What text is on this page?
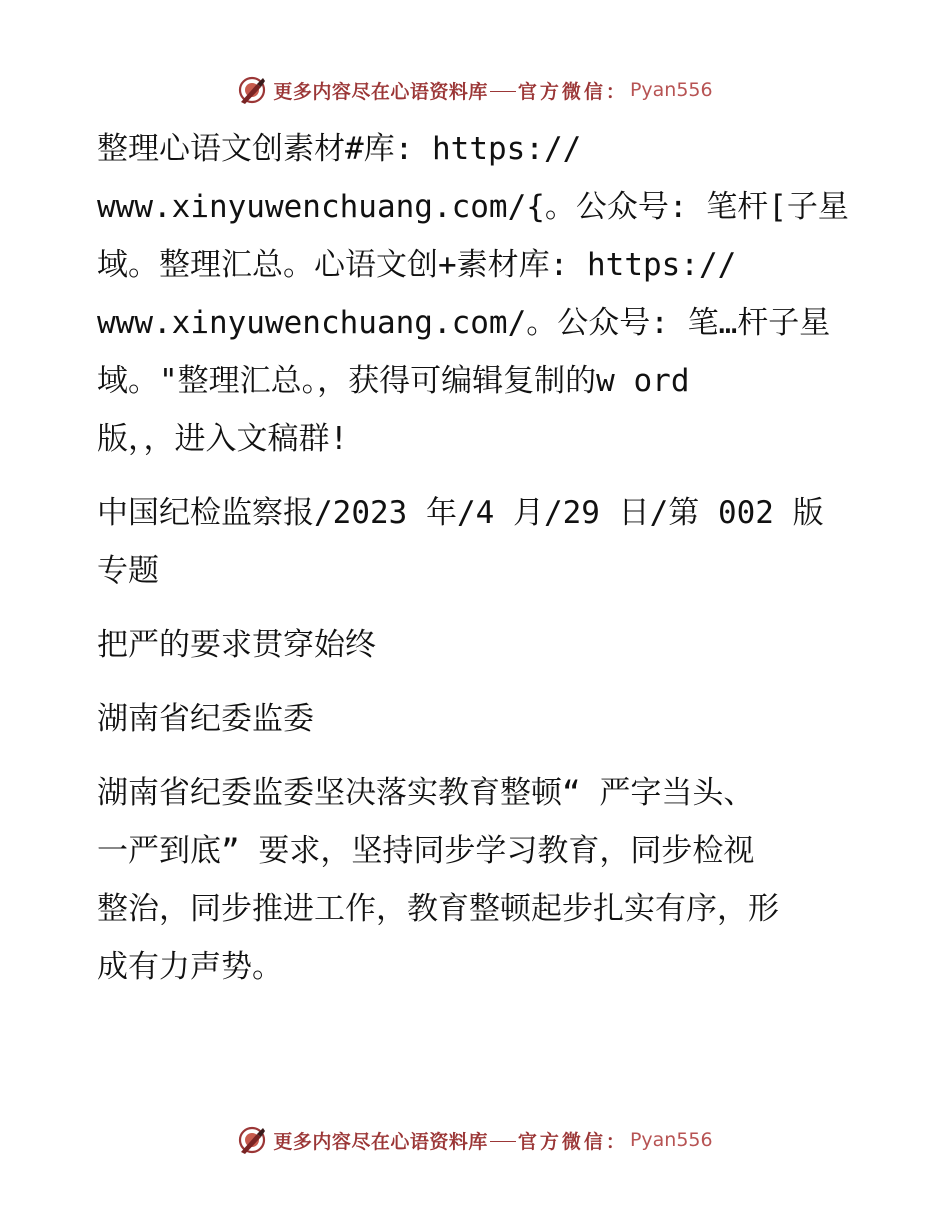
更多内容尽在心语资料库 官方微信： Pyan556

整理心语文创素材#库: https://
www.xinyuwenchuang.com/{。公众号: 笔杆[子星
域。整理汇总。心语文创+素材库: https://
www.xinyuwenchuang.com/。公众号: 笔…杆子星
域。"整理汇总。，获得可编辑复制的w ord
版，，进入文稿群!

中国纪检监察报/2023 年/4 月/29 日/第 002 版
专题

把严的要求贯穿始终

湖南省纪委监委

湖南省纪委监委坚决落实教育整顿“ 严字当头、
一严到底” 要求，坚持同步学习教育，同步检视
整治，同步推进工作，教育整顿起步扎实有序，形
成有力声势。

更多内容尽在心语资料库 官方微信： Pyan556
